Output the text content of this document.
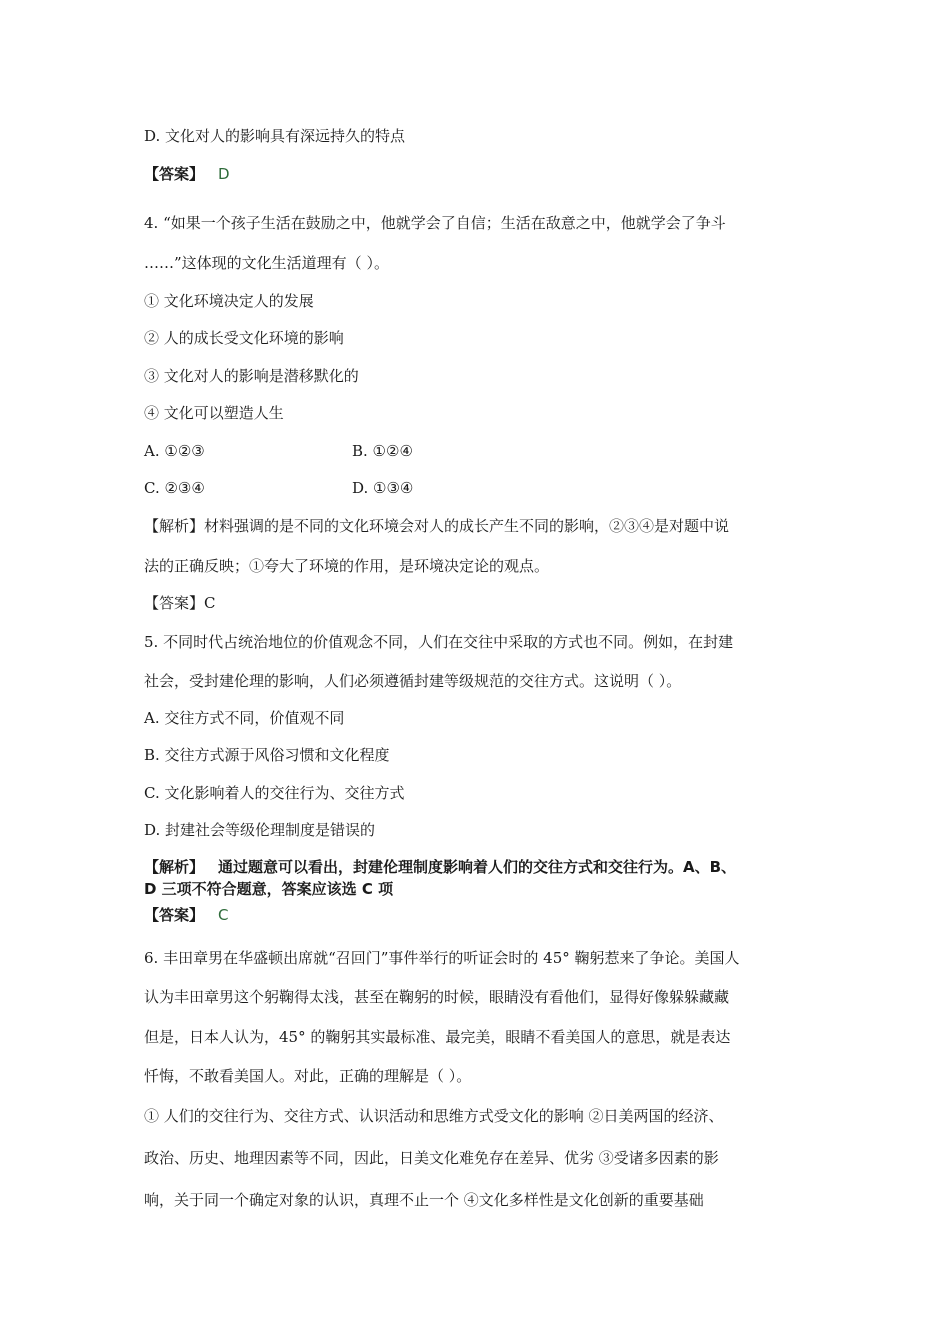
D. 文化对人的影响具有深远持久的特点
【答案】 D
4. “如果一个孩子生活在鼓励之中，他就学会了自信；生活在敌意之中，他就学会了争斗
……”这体现的文化生活道理有（ ）。
① 文化环境决定人的发展
② 人的成长受文化环境的影响
③ 文化对人的影响是潜移默化的
④ 文化可以塑造人生
A. ①②③	B. ①②④
C. ②③④	D. ①③④
【解析】材料强调的是不同的文化环境会对人的成长产生不同的影响，②③④是对题中说
法的正确反映；①夸大了环境的作用，是环境决定论的观点。
【答案】C
5. 不同时代占统治地位的价值观念不同，人们在交往中采取的方式也不同。例如，在封建
社会，受封建伦理的影响，人们必须遵循封建等级规范的交往方式。这说明（ ）。
A. 交往方式不同，价值观不同
B. 交往方式源于风俗习惯和文化程度
C. 文化影响着人的交往行为、交往方式
D. 封建社会等级伦理制度是错误的
【解析】 通过题意可以看出，封建伦理制度影响着人们的交往方式和交往行为。A、B、
D 三项不符合题意，答案应该选 C 项
【答案】 C
6. 丰田章男在华盛顿出席就“召回门”事件举行的听证会时的 45° 鞠躬惹来了争论。美国人
认为丰田章男这个躬鞠得太浅，甚至在鞠躬的时候，眼睛没有看他们，显得好像躲躲藏藏
但是，日本人认为，45° 的鞠躬其实最标准、最完美，眼睛不看美国人的意思，就是表达
忏悔，不敢看美国人。对此，正确的理解是（ ）。
① 人们的交往行为、交往方式、认识活动和思维方式受文化的影响 ②日美两国的经济、
政治、历史、地理因素等不同，因此，日美文化难免存在差异、优劣 ③受诸多因素的影
响，关于同一个确定对象的认识，真理不止一个 ④文化多样性是文化创新的重要基础
